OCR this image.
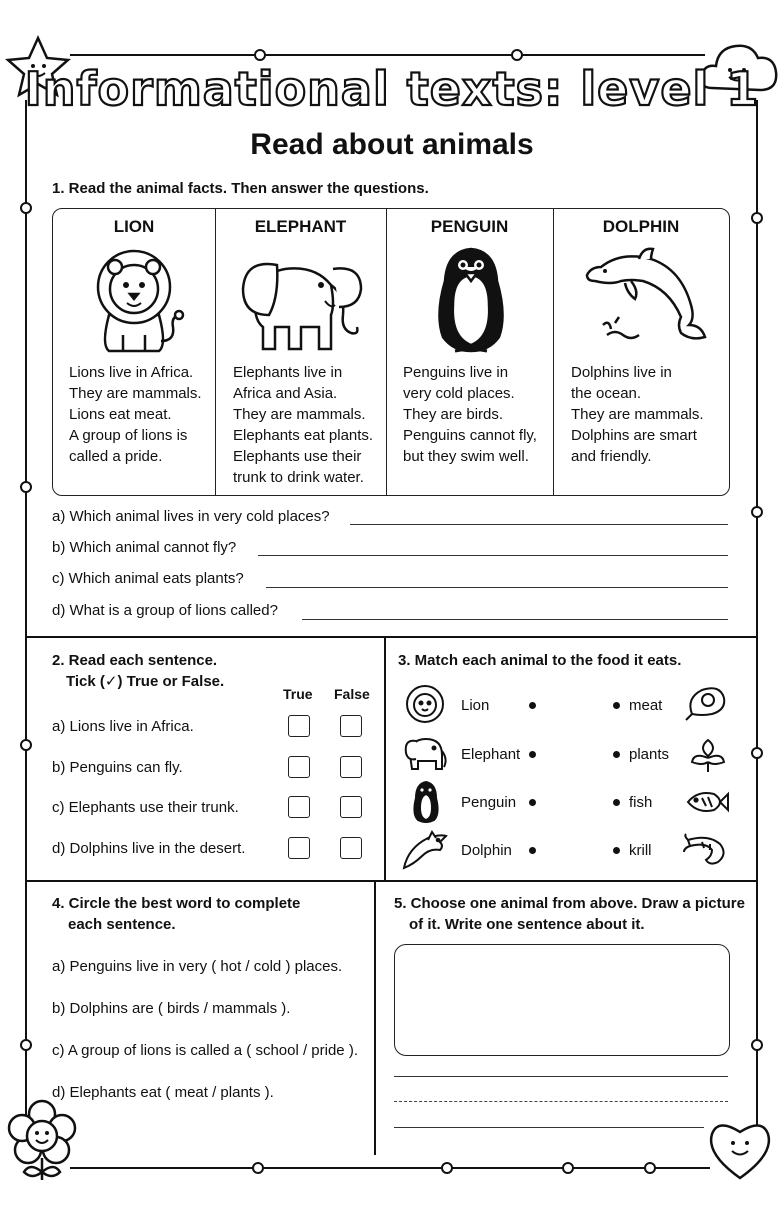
Informational texts: level 1
Read about animals
1. Read the animal facts. Then answer the questions.
LION
Lions live in Africa.
They are mammals.
Lions eat meat.
A group of lions is
called a pride.
ELEPHANT
Elephants live in
Africa and Asia.
They are mammals.
Elephants eat plants.
Elephants use their
trunk to drink water.
PENGUIN
Penguins live in
very cold places.
They are birds.
Penguins cannot fly,
but they swim well.
DOLPHIN
Dolphins live in
the ocean.
They are mammals.
Dolphins are smart
and friendly.
a) Which animal lives in very cold places?
b) Which animal cannot fly?
c) Which animal eats plants?
d) What is a group of lions called?
2. Read each sentence.
Tick (✓) True or False.
True False
a) Lions live in Africa.
b) Penguins can fly.
c) Elephants use their trunk.
d) Dolphins live in the desert.
3. Match each animal to the food it eats.
Lion	meat
Elephant	plants
Penguin	fish
Dolphin	krill
4. Circle the best word to complete
each sentence.
a) Penguins live in very ( hot / cold ) places.
b) Dolphins are ( birds / mammals ).
c) A group of lions is called a ( school / pride ).
d) Elephants eat ( meat / plants ).
5. Choose one animal from above. Draw a picture
of it. Write one sentence about it.
